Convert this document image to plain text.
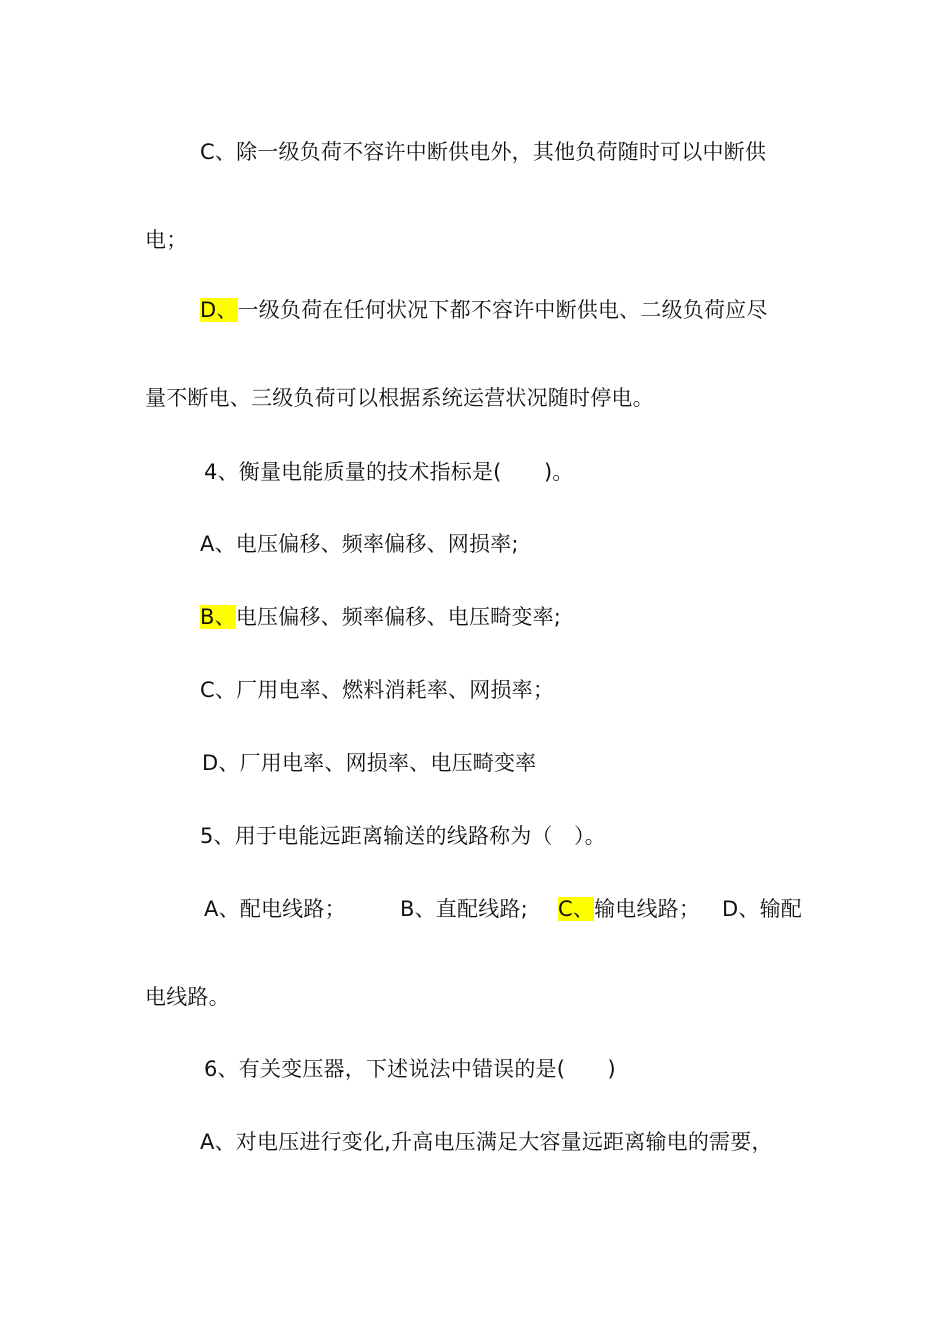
C、除一级负荷不容许中断供电外，其他负荷随时可以中断供
电；
D、一级负荷在任何状况下都不容许中断供电、二级负荷应尽
量不断电、三级负荷可以根据系统运营状况随时停电。
4、衡量电能质量的技术指标是(　　)。
A、电压偏移、频率偏移、网损率;
B、电压偏移、频率偏移、电压畸变率;
C、厂用电率、燃料消耗率、网损率；
D、厂用电率、网损率、电压畸变率
5、用于电能远距离输送的线路称为（　）。
A、配电线路；	B、直配线路; C、输电线路； D、输配
电线路。
6、有关变压器，下述说法中错误的是(　　)
A、对电压进行变化,升高电压满足大容量远距离输电的需要，
